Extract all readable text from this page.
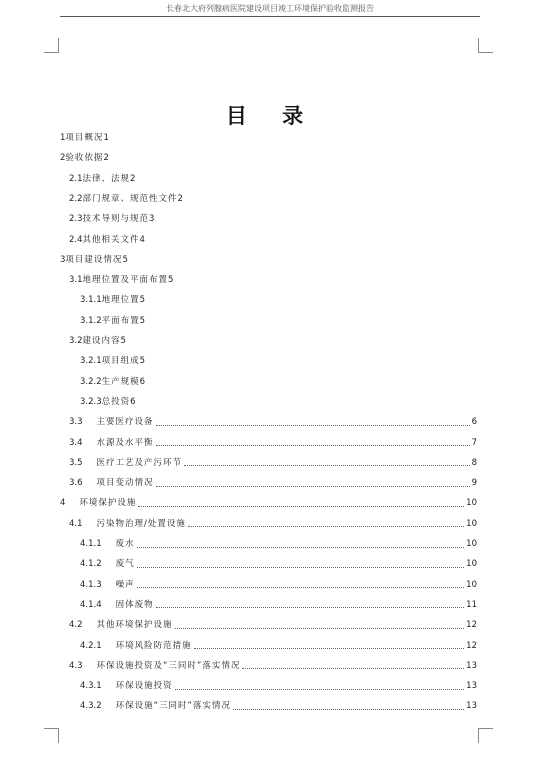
长春北大府列腺病医院建设项目竣工环境保护验收监测报告
目 录
1 项目概况 1
2 验收依据 2
2.1 法律、法规 2
2.2 部门规章、规范性文件 2
2.3 技术导则与规范 3
2.4 其他相关文件 4
3 项目建设情况 5
3.1 地理位置及平面布置 5
3.1.1 地理位置 5
3.1.2 平面布置 5
3.2 建设内容 5
3.2.1 项目组成 5
3.2.2 生产规模 6
3.2.3 总投资 6
3.3 主要医疗设备	6
3.4 水源及水平衡	7
3.5 医疗工艺及产污环节	8
3.6 项目变动情况	9
4 环境保护设施	10
4.1 污染物治理/处置设施	10
4.1.1 废水	10
4.1.2 废气	10
4.1.3 噪声	10
4.1.4 固体废物	11
4.2 其他环境保护设施	12
4.2.1 环境风险防范措施	12
4.3 环保设施投资及“三同时”落实情况	13
4.3.1 环保设施投资	13
4.3.2 环保设施“三同时”落实情况	13
